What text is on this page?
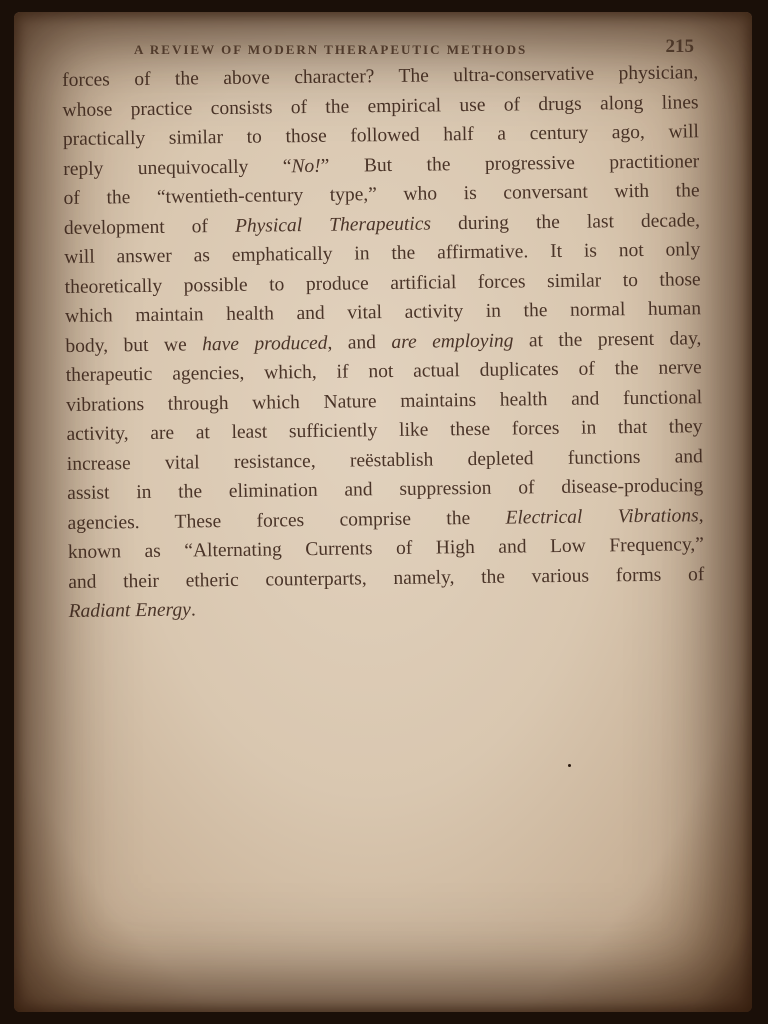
A REVIEW OF MODERN THERAPEUTIC METHODS	215
forces of the above character? The ultra-conservative physician,
whose practice consists of the empirical use of drugs along lines
practically similar to those followed half a century ago, will
reply unequivocally “No!” But the progressive practitioner
of the “twentieth-century type,” who is conversant with the
development of Physical Therapeutics during the last decade,
will answer as emphatically in the affirmative. It is not only
theoretically possible to produce artificial forces similar to those
which maintain health and vital activity in the normal human
body, but we have produced, and are employing at the present day,
therapeutic agencies, which, if not actual duplicates of the nerve
vibrations through which Nature maintains health and functional
activity, are at least sufficiently like these forces in that they
increase vital resistance, reëstablish depleted functions and
assist in the elimination and suppression of disease-producing
agencies. These forces comprise the Electrical Vibrations,
known as “Alternating Currents of High and Low Frequency,”
and their etheric counterparts, namely, the various forms of
Radiant Energy.
